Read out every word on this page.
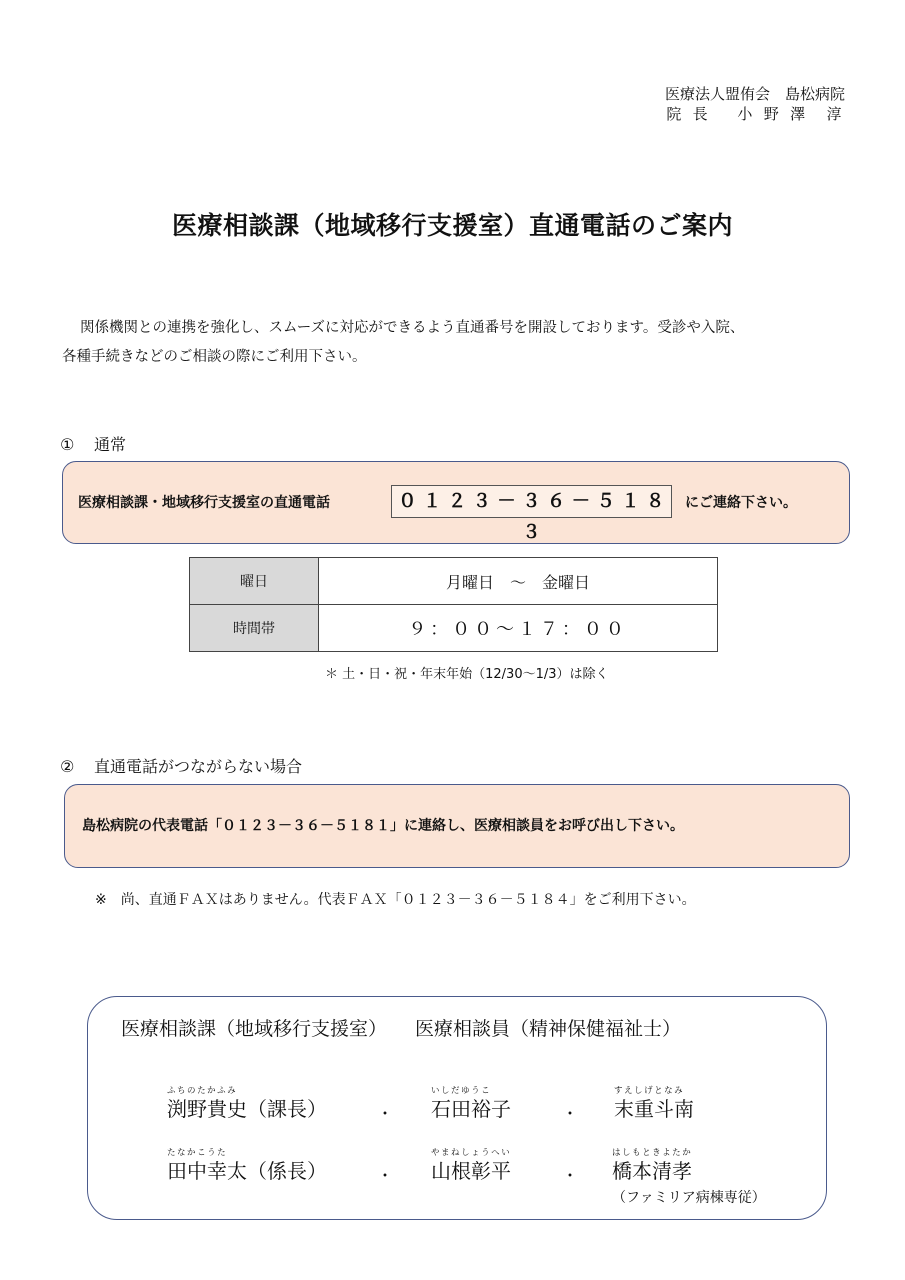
医療法人盟侑会　島松病院
院 長　 小 野 澤　淳
医療相談課（地域移行支援室）直通電話のご案内
関係機関との連携を強化し、スムーズに対応ができるよう直通番号を開設しております。受診や入院、
各種手続きなどのご相談の際にご利用下さい。
① 通常
医療相談課・地域移行支援室の直通電話	０１２３－３６－５１８３
にご連絡下さい。
曜日	月曜日　～　金曜日
時間帯	９：００～１７：００
＊ 土・日・祝・年末年始（12/30～1/3）は除く
② 直通電話がつながらない場合
島松病院の代表電話「０１２３－３６－５１８１」に連絡し、医療相談員をお呼び出し下さい。
※　尚、直通ＦＡＸはありません。代表ＦＡＸ「０１２３－３６－５１８４」をご利用下さい。
医療相談課（地域移行支援室） 医療相談員（精神保健福祉士）
ふちのたかふみ
渕野貴史（課長）	・
いしだゆうこ
石田裕子	・
すえしげとなみ
末重斗南
たなかこうた
田中幸太（係長）	・
やまねしょうへい
山根彰平	・
はしもときよたか
橋本清孝
（ファミリア病棟専従）
